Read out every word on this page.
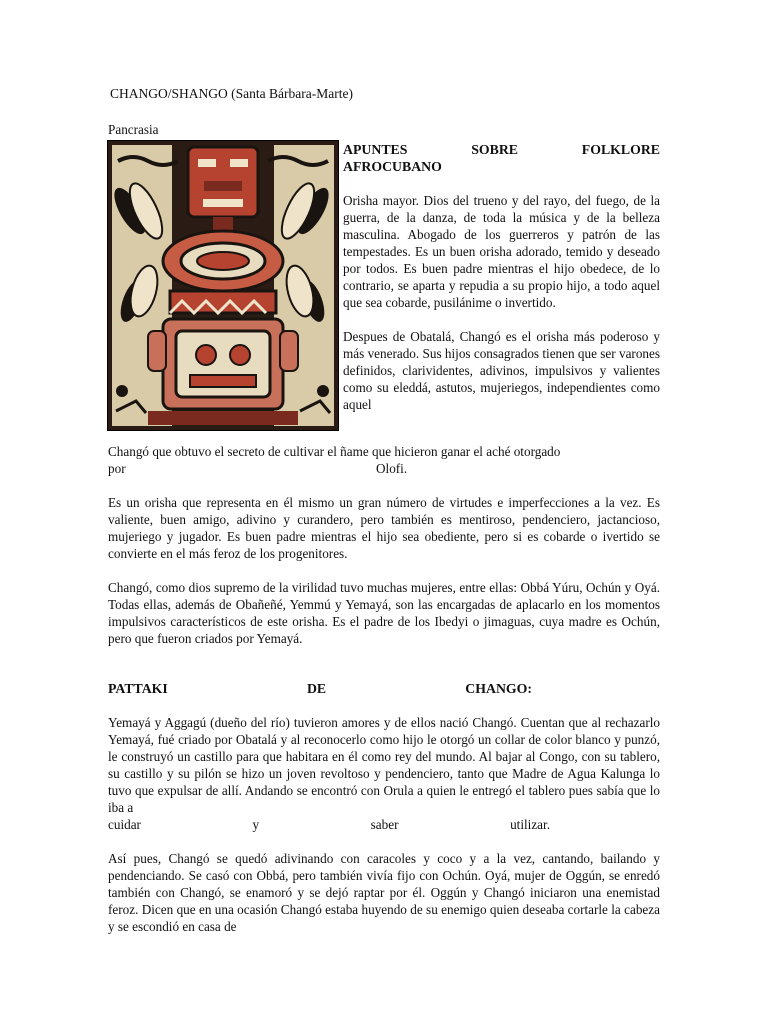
CHANGO/SHANGO (Santa Bárbara-Marte)
Pancrasia
APUNTES SOBRE FOLKLORE
AFROCUBANO

Orisha mayor. Dios del trueno y del rayo, del fuego, de la guerra, de la danza, de toda la música y de la belleza masculina. Abogado de los guerreros y patrón de las tempestades. Es un buen orisha adorado, temido y deseado por todos. Es buen padre mientras el hijo obedece, de lo contrario, se aparta y repudia a su propio hijo, a todo aquel que sea cobarde, pusilánime o invertido.

Despues de Obatalá, Changó es el orisha más poderoso y más venerado. Sus hijos consagrados tienen que ser varones definidos, clarividentes, adivinos, impulsivos y valientes como su eleddá, astutos, mujeriegos, independientes como aquel

Changó que obtuvo el secreto de cultivar el ñame que hicieron ganar el aché otorgado
por	Olofi.

Es un orisha que representa en él mismo un gran número de virtudes e imperfecciones a la vez. Es valiente, buen amigo, adivino y curandero, pero también es mentiroso, pendenciero, jactancioso, mujeriego y jugador. Es buen padre mientras el hijo sea obediente, pero si es cobarde o ivertido se convierte en el más feroz de los progenitores.

Changó, como dios supremo de la virilidad tuvo muchas mujeres, entre ellas: Obbá Yúru, Ochún y Oyá. Todas ellas, además de Obañeñé, Yemmú y Yemayá, son las encargadas de aplacarlo en los momentos impulsivos característicos de este orisha. Es el padre de los Ibedyi o jimaguas, cuya madre es Ochún, pero que fueron criados por Yemayá.

PATTAKI DE CHANGO:

Yemayá y Aggagú (dueño del río) tuvieron amores y de ellos nació Changó. Cuentan que al rechazarlo Yemayá, fué criado por Obatalá y al reconocerlo como hijo le otorgó un collar de color blanco y punzó, le construyó un castillo para que habitara en él como rey del mundo. Al bajar al Congo, con su tablero, su castillo y su pilón se hizo un joven revoltoso y pendenciero, tanto que Madre de Agua Kalunga lo tuvo que expulsar de allí. Andando se encontró con Orula a quien le entregó el tablero pues sabía que lo iba a

cuidar y saber utilizar.

Así pues, Changó se quedó adivinando con caracoles y coco y a la vez, cantando, bailando y pendenciando. Se casó con Obbá, pero también vivía fijo con Ochún. Oyá, mujer de Oggún, se enredó también con Changó, se enamoró y se dejó raptar por él. Oggún y Changó iniciaron una enemistad feroz. Dicen que en una ocasión Changó estaba huyendo de su enemigo quien deseaba cortarle la cabeza y se escondió en casa de
